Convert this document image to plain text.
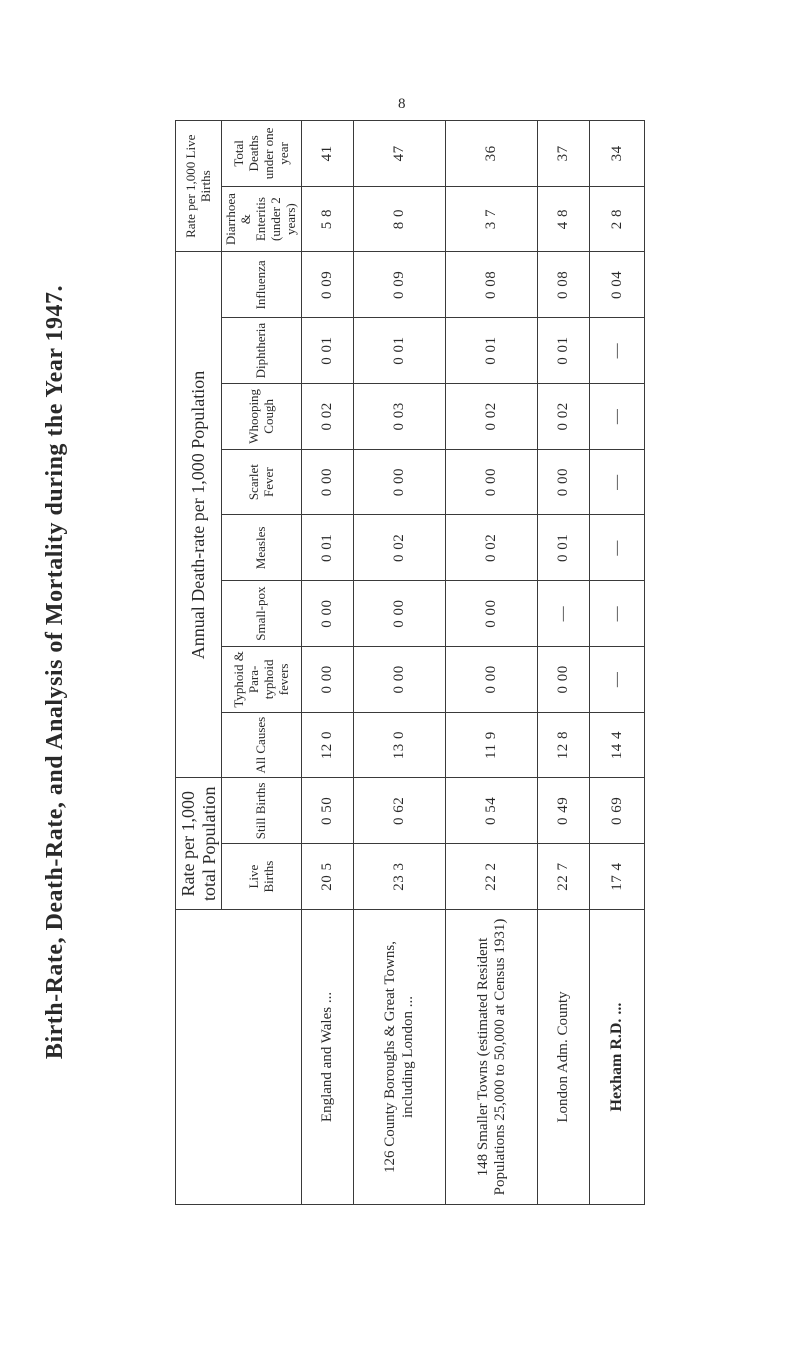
8
Birth-Rate, Death-Rate, and Analysis of Mortality during the Year 1947.
		Rate per 1,000 total Population		Annual Death-rate per 1,000 Population								Rate per 1,000 Live Births	
	Live Births	Still Births	All Causes	Typhoid & Para-typhoid fevers	Small-pox	Measles	Scarlet Fever	Whooping Cough	Diphtheria	Influenza	Diarrhoea & Enteritis (under 2 years)	Total Deaths under one year
England and Wales ...	20 5	0 50	12 0	0 00	0 00	0 01	0 00	0 02	0 01	0 09	5 8	41
126 County Boroughs & Great Towns, including London ...	23 3	0 62	13 0	0 00	0 00	0 02	0 00	0 03	0 01	0 09	8 0	47
148 Smaller Towns (estimated Resident Populations 25,000 to 50,000 at Census 1931)	22 2	0 54	11 9	0 00	0 00	0 02	0 00	0 02	0 01	0 08	3 7	36
London Adm. County	22 7	0 49	12 8	0 00	—	0 01	0 00	0 02	0 01	0 08	4 8	37
Hexham R.D. ...	17 4	0 69	14 4	—	—	—	—	—	—	0 04	2 8	34
